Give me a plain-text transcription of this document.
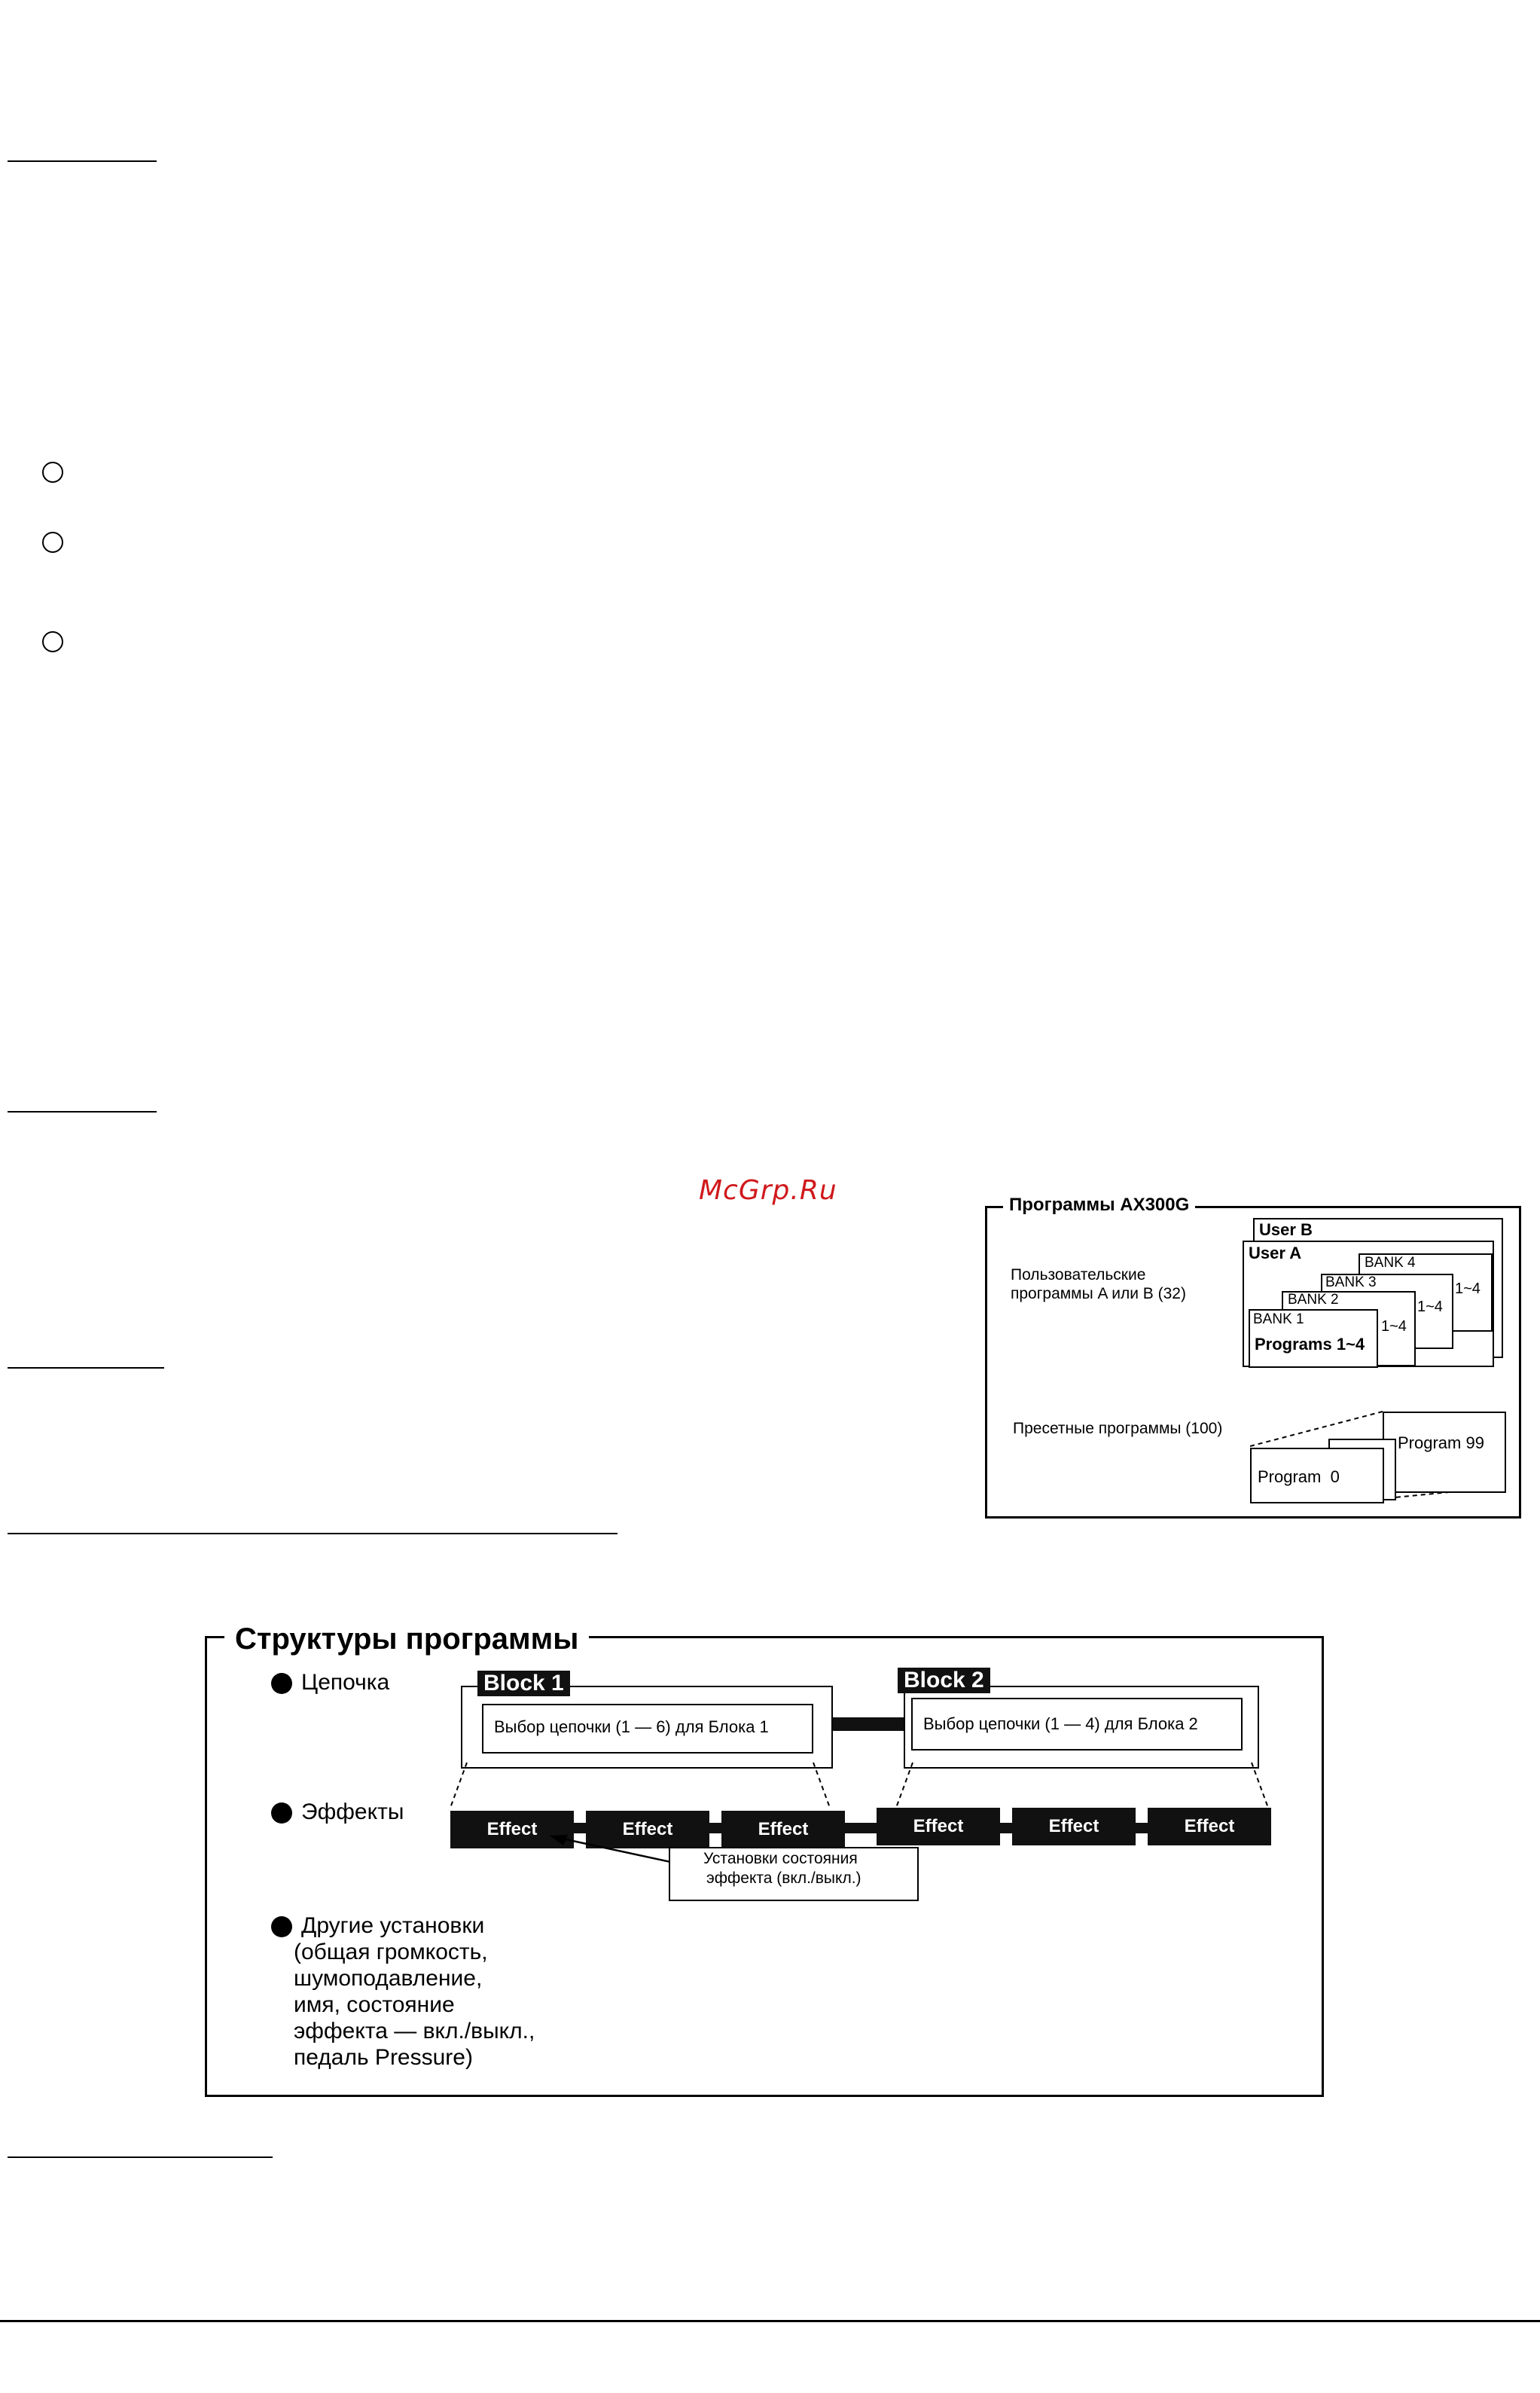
McGrp.Ru	Программы AX300G
User B
User A
BANK 4
1~4
BANK 3
1~4
BANK 2
1~4
BANK 1
Programs 1~4
Пользовательские
программы A или B (32)
Пресетные программы (100)
Program 99
Program  0
Структуры программы
Цепочка
Эффекты
Block 1
Выбор цепочки (1 — 6) для Блока 1
Block 2
Выбор цепочки (1 — 4) для Блока 2
Effect	Effect	Effect	Effect	Effect	Effect
Установки состояния
эффекта (вкл./выкл.)
Другие установки
(общая громкость,
шумоподавление,
имя, состояние
эффекта — вкл./выкл.,
педаль Pressure)
